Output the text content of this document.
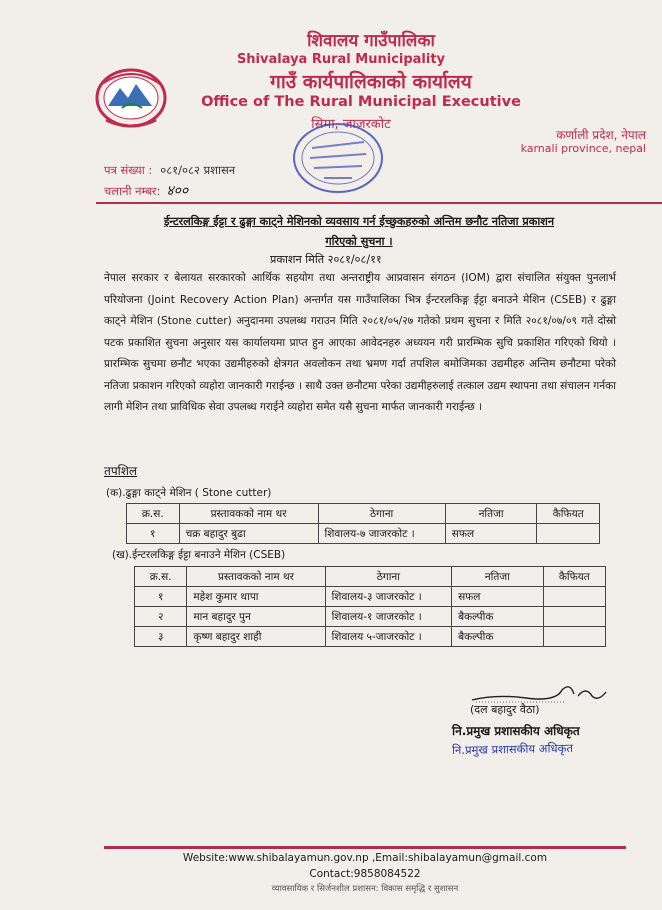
शिवालय गाउँपालिका
Shivalaya Rural Municipality
गाउँ कार्यपालिकाको कार्यालय
Office of The Rural Municipal Executive
सिमा, जाजरकोट
कर्णाली प्रदेश, नेपाल
karnali province, nepal
पत्र संख्या : ०८१/०८२ प्रशासन
चलानी नम्बर: ४००
ईन्टरलकिङ्ग ईट्टा र ढुङ्गा काट्ने मेशिनको व्यवसाय गर्न ईच्छुकहरुको अन्तिम छनौट नतिजा प्रकाशन
गरिएको सुचना ।
प्रकाशन मिति २०८१/०८/११
नेपाल सरकार र बेलायत सरकारको आर्थिक सहयोग तथा अन्तराष्ट्रीय आप्रवासन संगठन (IOM) द्वारा संचालित संयुक्त पुनलार्भ परियोजना (Joint Recovery Action Plan) अन्तर्गत यस गाउँपालिका भित्र ईन्टरलकिङ्ग ईट्टा बनाउने मेशिन (CSEB) र ढुङ्गा काट्ने मेशिन (Stone cutter) अनुदानमा उपलब्ध गराउन मिति २०८१/०५/२७ गतेको प्रथम सुचना र मिति २०८१/०७/०९ गते दोस्रो पटक प्रकाशित सुचना अनुसार यस कार्यालयमा प्राप्त हुन आएका आवेदनहरु अध्ययन गरी प्रारम्भिक सुचि प्रकाशित गरिएको थियो । प्रारम्भिक सुचमा छनौट भएका उद्यमीहरुको क्षेत्रगत अवलोकन तथा भ्रमण गर्दा तपशिल बमोजिमका उद्यमीहरु अन्तिम छनौटमा परेको नतिजा प्रकाशन गरिएको व्यहोरा जानकारी गराईन्छ । साथै उक्त छनौटमा परेका उद्यमीहरुलाई तत्काल उद्यम स्थापना तथा संचालन गर्नका लागी मेशिन तथा प्राविधिक सेवा उपलब्ध गराईने व्यहोरा समेत यसै सुचना मार्फत जानकारी गराईन्छ ।
तपशिल
(क).ढुङ्गा काट्ने मेशिन ( Stone cutter)
क्र.स.	प्रस्तावकको नाम थर	ठेगाना	नतिजा	कैफियत
१	चक्र बहादुर बुढा	शिवालय-७ जाजरकोट ।	सफल	
(ख).ईन्टरलकिङ्ग ईट्टा बनाउने मेशिन (CSEB)
क्र.स.	प्रस्तावकको नाम थर	ठेगाना	नतिजा	कैफियत
१	महेश कुमार थापा	शिवालय-३ जाजरकोट ।	सफल	
२	मान बहादुर पुन	शिवालय-१ जाजरकोट ।	बैकल्पीक	
३	कृष्ण बहादुर शाही	शिवालय ५-जाजरकोट ।	बैकल्पीक	
(दल बहादुर वैठा)
नि.प्रमुख प्रशासकीय अधिकृत
नि.प्रमुख प्रशासकीय अधिकृत
Website:www.shibalayamun.gov.np ,Email:shibalayamun@gmail.com
Contact:9858084522
व्यावसायिक र सिर्जनशील प्रशासन: विकास समृद्धि र सुशासन
